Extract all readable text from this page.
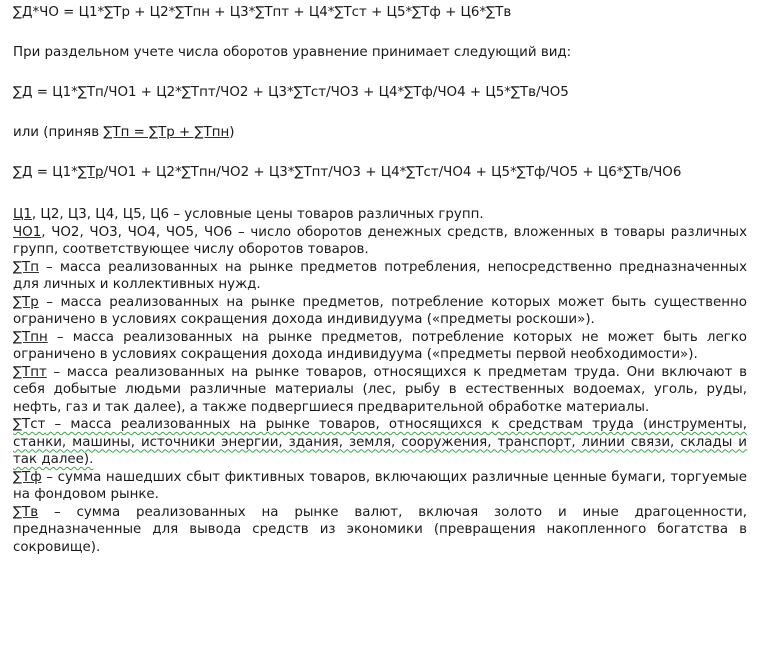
∑Д*ЧО = Ц1*∑Тр + Ц2*∑Тпн + Ц3*∑Тпт + Ц4*∑Тст + Ц5*∑Тф + Ц6*∑Тв

При раздельном учете числа оборотов уравнение принимает следующий вид:

∑Д = Ц1*∑Тп/ЧО1 + Ц2*∑Тпт/ЧО2 + Ц3*∑Тст/ЧО3 + Ц4*∑Тф/ЧО4 + Ц5*∑Тв/ЧО5

или (приняв ∑Тп = ∑Тр + ∑Тпн)

∑Д = Ц1*∑Тр/ЧО1 + Ц2*∑Тпн/ЧО2 + Ц3*∑Тпт/ЧО3 + Ц4*∑Тст/ЧО4 + Ц5*∑Тф/ЧО5 + Ц6*∑Тв/ЧО6

Ц1, Ц2, Ц3, Ц4, Ц5, Ц6 – условные цены товаров различных групп.

ЧО1, ЧО2, ЧО3, ЧО4, ЧО5, ЧО6 – число оборотов денежных средств, вложенных в товары различных групп, соответствующее числу оборотов товаров.

∑Тп – масса реализованных на рынке предметов потребления, непосредственно предназначенных для личных и коллективных нужд.

∑Тр – масса реализованных на рынке предметов, потребление которых может быть существенно ограничено в условиях сокращения дохода индивидуума («предметы роскоши»).

∑Тпн – масса реализованных на рынке предметов, потребление которых не может быть легко ограничено в условиях сокращения дохода индивидуума («предметы первой необходимости»).

∑Тпт – масса реализованных на рынке товаров, относящихся к предметам труда. Они включают в себя добытые людьми различные материалы (лес, рыбу в естественных водоемах, уголь, руды, нефть, газ и так далее), а также подвергшиеся предварительной обработке материалы.

∑Тст – масса реализованных на рынке товаров, относящихся к средствам труда (инструменты, станки, машины, источники энергии, здания, земля, сооружения, транспорт, линии связи, склады и так далее).

∑Тф – сумма нашедших сбыт фиктивных товаров, включающих различные ценные бумаги, торгуемые на фондовом рынке.

∑Тв – сумма реализованных на рынке валют, включая золото и иные драгоценности, предназначенные для вывода средств из экономики (превращения накопленного богатства в сокровище).
